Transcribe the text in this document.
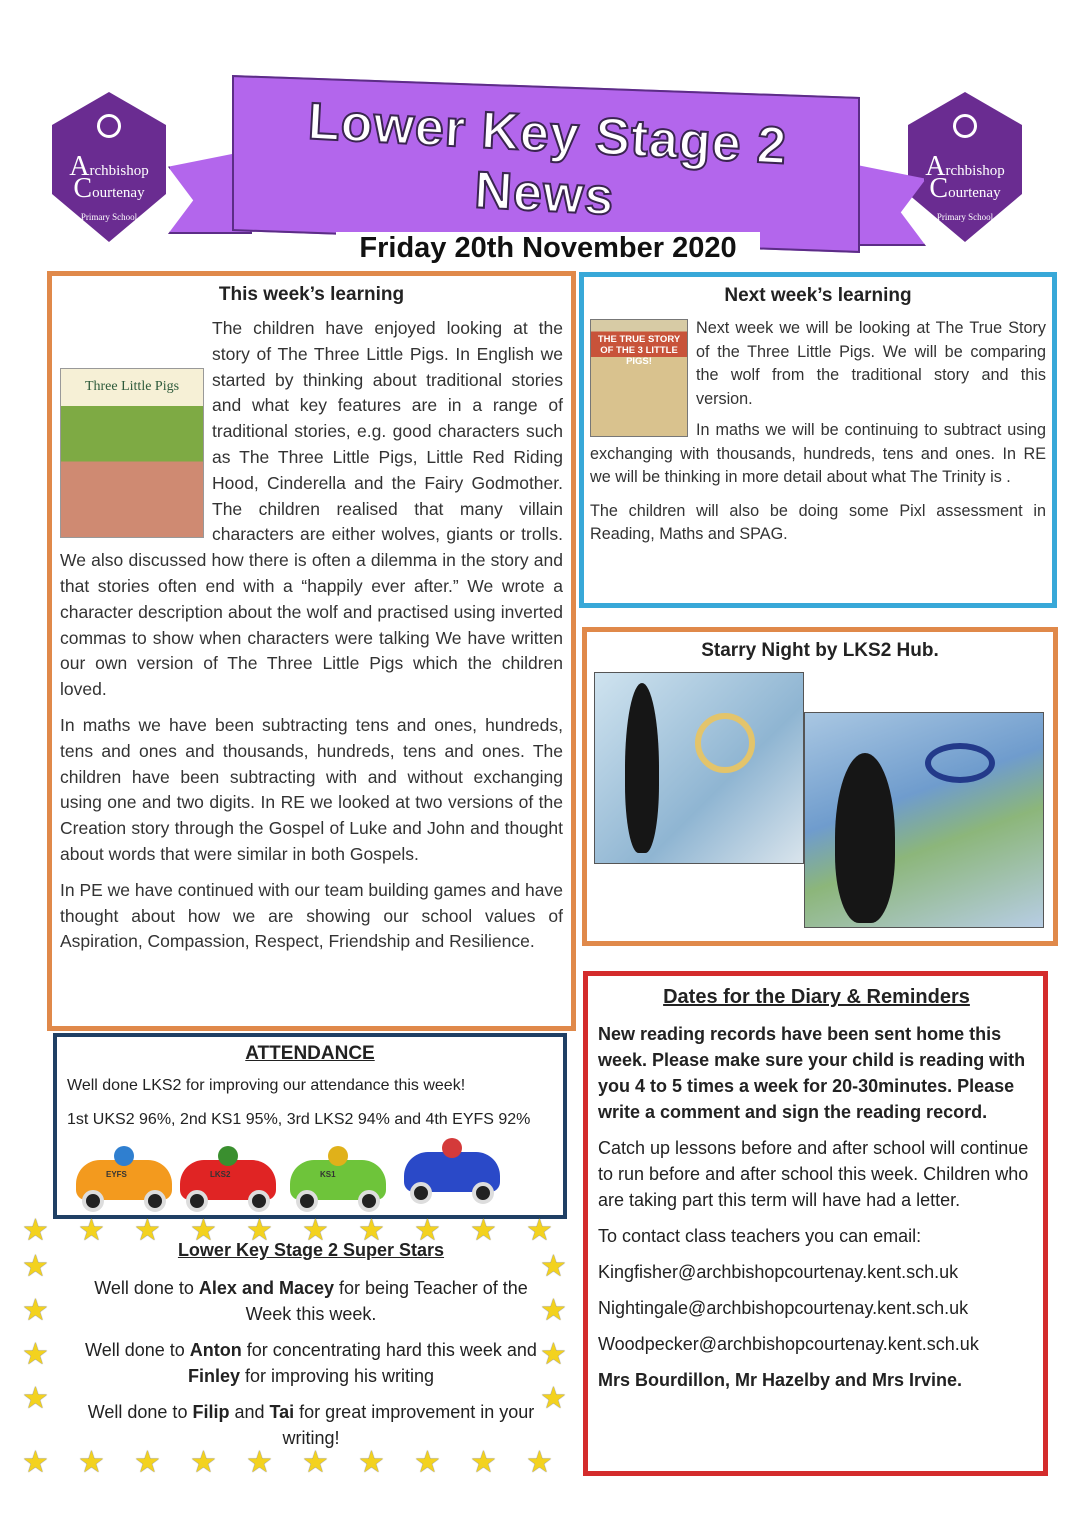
Archbishop
Courtenay
Primary School
Archbishop
Courtenay
Primary School
Lower Key Stage 2 News
Friday 20th November 2020
This week’s learning
Three Little Pigs

The children have enjoyed looking at the story of The Three Little Pigs. In English we started by thinking about traditional stories and what key features are in a range of traditional stories, e.g. good characters such as The Three Little Pigs, Little Red Riding Hood, Cinderella and the Fairy Godmother. The children realised that many villain characters are either wolves, giants or trolls. We also discussed how there is often a dilemma in the story and that stories often end with a “happily ever after.” We wrote a character description about the wolf and practised using inverted commas to show when characters were talking We have written our own version of The Three Little Pigs which the children loved.

In maths we have been subtracting tens and ones, hundreds, tens and ones and thousands, hundreds, tens and ones. The children have been subtracting with and without exchanging using one and two digits. In RE we looked at two versions of the Creation story through the Gospel of Luke and John and thought about words that were similar in both Gospels.

In PE we have continued with our team building games and have thought about how we are showing our school values of Aspiration, Compassion, Respect, Friendship and Resilience.

Next week’s learning
THE TRUE STORY OF THE 3 LITTLE PIGS!

Next week we will be looking at The True Story of the Three Little Pigs. We will be comparing the wolf from the traditional story and this version.

In maths we will be continuing to subtract using exchanging with thousands, hundreds, tens and ones. In RE we will be thinking in more detail about what The Trinity is .

The children will also be doing some Pixl assessment in Reading, Maths and SPAG.

Starry Night by LKS2 Hub.
ATTENDANCE
Well done LKS2 for improving our attendance this week!
1st UKS2 96%, 2nd KS1 95%, 3rd LKS2 94% and 4th EYFS 92%
★
★
★
★
★
★
★
★
★
★
★
★
★
★
★
★
★
★
★
★
★	★
★	★
★	★
★	★
Lower Key Stage 2 Super Stars

Well done to Alex and Macey for being Teacher of the Week this week.

Well done to Anton for concentrating hard this week and Finley for improving his writing

Well done to Filip and Tai for great improvement in your writing!

Dates for the Diary & Reminders

New reading records have been sent home this week. Please make sure your child is reading with you 4 to 5 times a week for 20-30minutes. Please write a comment and sign the reading record.

Catch up lessons before and after school will continue to run before and after school this week. Children who are taking part this term will have had a letter.

To contact class teachers you can email:

Kingfisher@archbishopcourtenay.kent.sch.uk

Nightingale@archbishopcourtenay.kent.sch.uk

Woodpecker@archbishopcourtenay.kent.sch.uk

Mrs Bourdillon, Mr Hazelby and Mrs Irvine.

EYFS	LKS2	KS1
